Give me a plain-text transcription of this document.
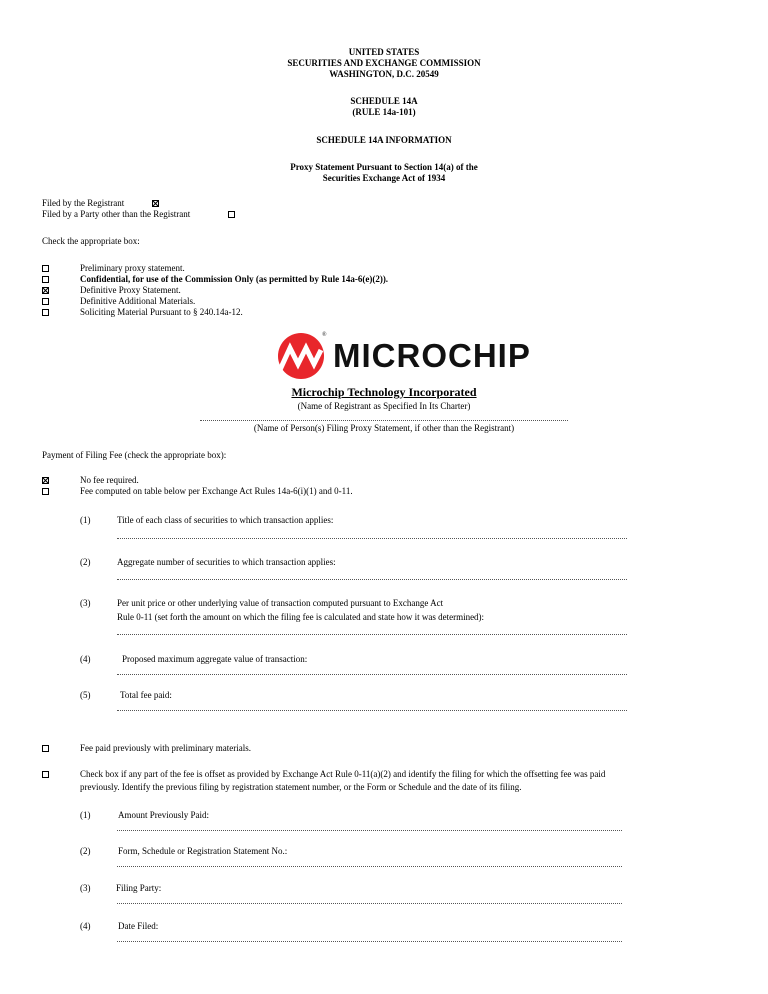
UNITED STATES
SECURITIES AND EXCHANGE COMMISSION
WASHINGTON, D.C. 20549
SCHEDULE 14A
(RULE 14a-101)
SCHEDULE 14A INFORMATION
Proxy Statement Pursuant to Section 14(a) of the
Securities Exchange Act of 1934
Filed by the Registrant
Filed by a Party other than the Registrant
Check the appropriate box:
Preliminary proxy statement.
Confidential, for use of the Commission Only (as permitted by Rule 14a-6(e)(2)).
Definitive Proxy Statement.
Definitive Additional Materials.
Soliciting Material Pursuant to § 240.14a-12.
®
MICROCHIP
Microchip Technology Incorporated
(Name of Registrant as Specified In Its Charter)
(Name of Person(s) Filing Proxy Statement, if other than the Registrant)
Payment of Filing Fee (check the appropriate box):
No fee required.
Fee computed on table below per Exchange Act Rules 14a-6(i)(1) and 0-11.
(1)	Title of each class of securities to which transaction applies:
(2)	Aggregate number of securities to which transaction applies:
(3)	Per unit price or other underlying value of transaction computed pursuant to Exchange Act
Rule 0-11 (set forth the amount on which the filing fee is calculated and state how it was determined):
(4)	Proposed maximum aggregate value of transaction:
(5)	Total fee paid:
Fee paid previously with preliminary materials.
Check box if any part of the fee is offset as provided by Exchange Act Rule 0-11(a)(2) and identify the filing for which the offsetting fee was paid
previously. Identify the previous filing by registration statement number, or the Form or Schedule and the date of its filing.
(1)	Amount Previously Paid:
(2)	Form, Schedule or Registration Statement No.:
(3)	Filing Party:
(4)	Date Filed:
